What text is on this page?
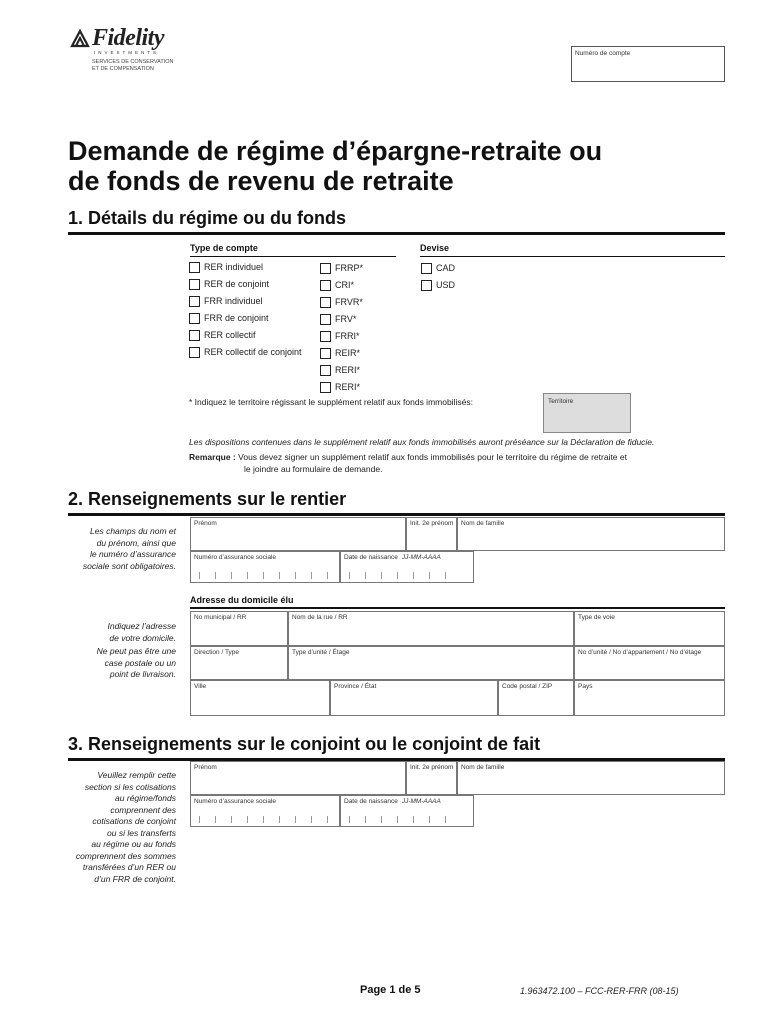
Fidelity
INVESTMENTS
SERVICES DE CONSERVATION
ET DE COMPENSATION
Numéro de compte
Demande de régime d’épargne-retraite ou
de fonds de revenu de retraite
1. Détails du régime ou du fonds
Type de compte	Devise
RER individuel
RER de conjoint
FRR individuel
FRR de conjoint
RER collectif
RER collectif de conjoint
FRRP*
CRI*
FRVR*
FRV*
FRRI*
REIR*
RERI*
RERI*
CAD
USD
* Indiquez le territoire régissant le supplément relatif aux fonds immobilisés:	Territoire
Les dispositions contenues dans le supplément relatif aux fonds immobilisés auront préséance sur la Déclaration de fiducie.
Remarque : Vous devez signer un supplément relatif aux fonds immobilisés pour le territoire du régime de retraite et
le joindre au formulaire de demande.
2. Renseignements sur le rentier
Les champs du nom et
du prénom, ainsi que
le numéro d’assurance
sociale sont obligatoires.
Prénom	Init. 2e prénom Nom de famille
Numéro d’assurance sociale	Date de naissance JJ-MM-AAAA
Adresse du domicile élu
Indiquez l’adresse
de votre domicile.
Ne peut pas être une
case postale ou un
point de livraison.
No municipal / RR	Nom de la rue / RR	Type de voie
Direction / Type	Type d’unité / Étage	No d’unité / No d’appartement / No d’étage
Ville	Province / État	Code postal / ZIP	Pays
3. Renseignements sur le conjoint ou le conjoint de fait
Veuillez remplir cette
section si les cotisations
au régime/fonds
comprennent des
cotisations de conjoint
ou si les transferts
au régime ou au fonds
comprennent des sommes
transférées d’un RER ou
d’un FRR de conjoint.
Prénom	Init. 2e prénom Nom de famille
Numéro d’assurance sociale	Date de naissance JJ-MM-AAAA
Page 1 de 5	1.963472.100 – FCC-RER-FRR (08-15)
